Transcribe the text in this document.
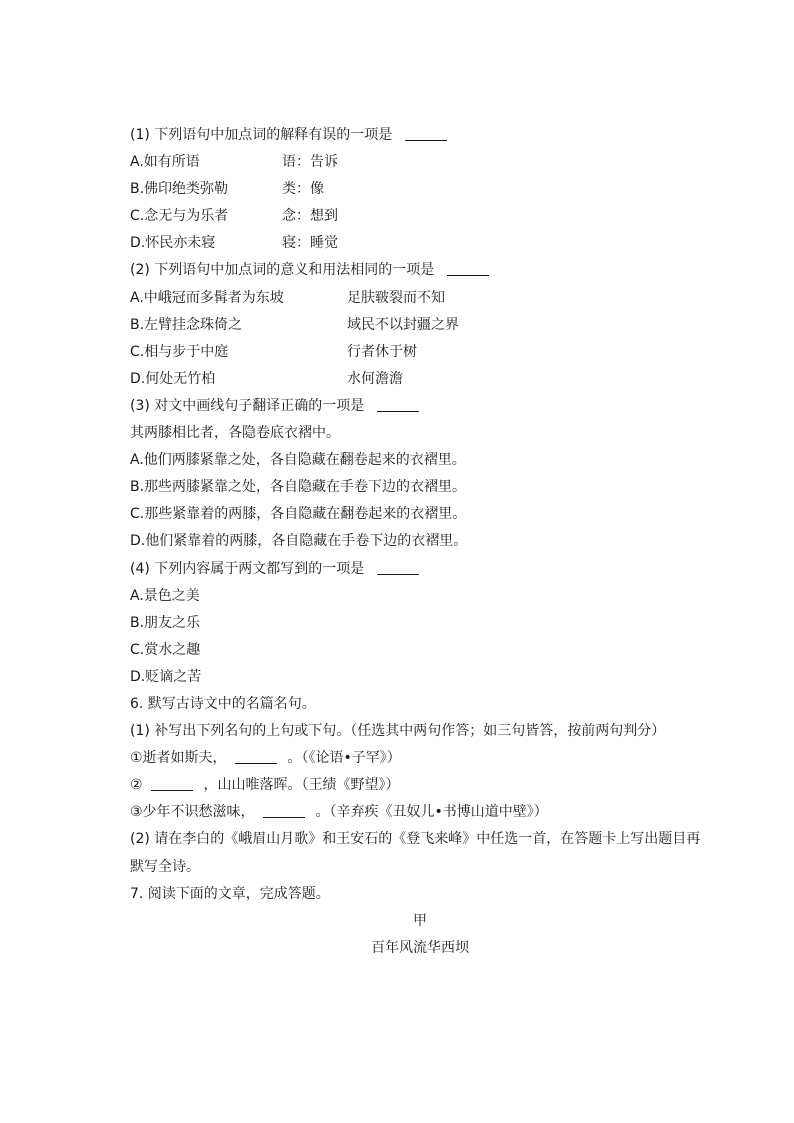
(1) 下列语句中加点词的解释有误的一项是
A.如有所语	语：告诉
B.佛印绝类弥勒	类：像
C.念无与为乐者	念：想到
D.怀民亦未寝	寝：睡觉
(2) 下列语句中加点词的意义和用法相同的一项是
A.中峨冠而多髯者为东坡	足肤皲裂而不知
B.左臂挂念珠倚之	域民不以封疆之界
C.相与步于中庭	行者休于树
D.何处无竹柏	水何澹澹
(3) 对文中画线句子翻译正确的一项是
其两膝相比者，各隐卷底衣褶中。
A.他们两膝紧靠之处，各自隐藏在翻卷起来的衣褶里。
B.那些两膝紧靠之处，各自隐藏在手卷下边的衣褶里。
C.那些紧靠着的两膝，各自隐藏在翻卷起来的衣褶里。
D.他们紧靠着的两膝，各自隐藏在手卷下边的衣褶里。
(4) 下列内容属于两文都写到的一项是
A.景色之美
B.朋友之乐
C.赏水之趣
D.贬谪之苦
6. 默写古诗文中的名篇名句。
(1) 补写出下列名句的上句或下句。（任选其中两句作答；如三句皆答，按前两句判分）
①逝者如斯夫，	。（《论语•子罕》）
②	，山山唯落晖。（王绩《野望》）
③少年不识愁滋味，	。（辛弃疾《丑奴儿•书博山道中壁》）
(2) 请在李白的《峨眉山月歌》和王安石的《登飞来峰》中任选一首，在答题卡上写出题目再
默写全诗。
7. 阅读下面的文章，完成答题。
甲
百年风流华西坝
